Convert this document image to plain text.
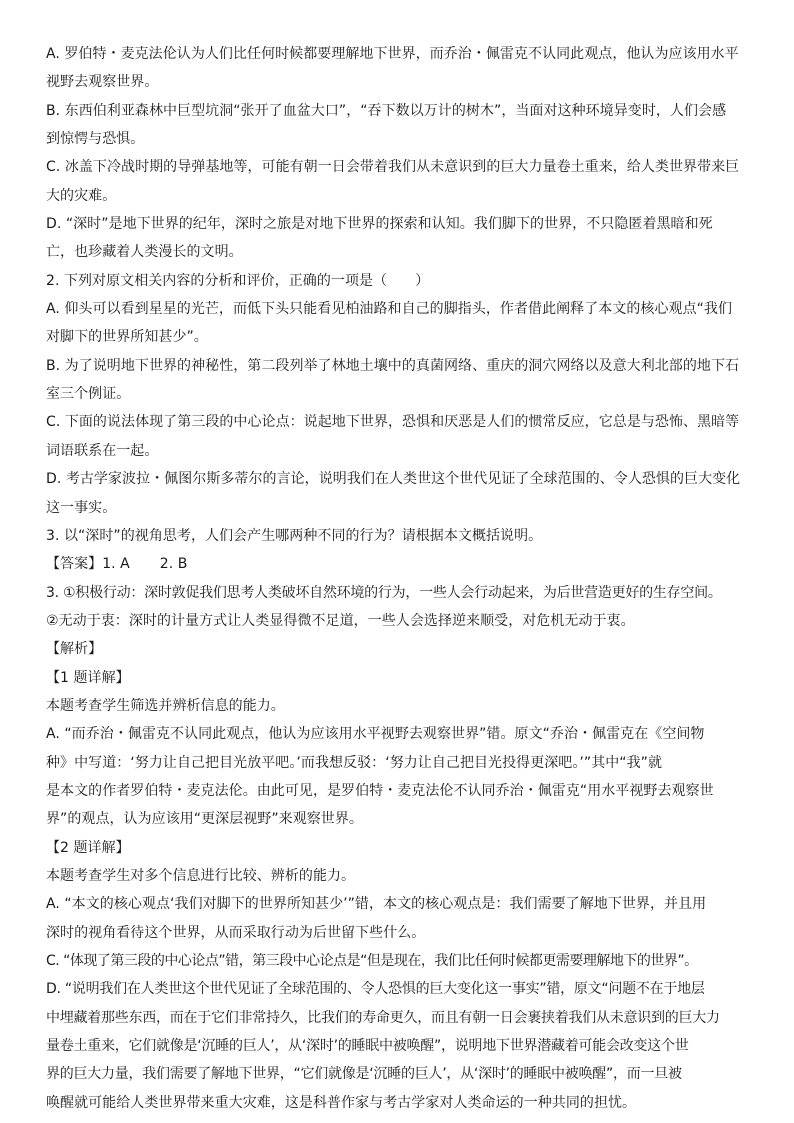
A. 罗伯特・麦克法伦认为人们比任何时候都要理解地下世界，而乔治・佩雷克不认同此观点，他认为应该用水平
视野去观察世界。
B. 东西伯利亚森林中巨型坑洞“张开了血盆大口”，“吞下数以万计的树木”，当面对这种环境异变时，人们会感
到惊愕与恐惧。
C. 冰盖下冷战时期的导弹基地等，可能有朝一日会带着我们从未意识到的巨大力量卷土重来，给人类世界带来巨
大的灾难。
D. “深时”是地下世界的纪年，深时之旅是对地下世界的探索和认知。我们脚下的世界，不只隐匿着黑暗和死
亡，也珍藏着人类漫长的文明。
2. 下列对原文相关内容的分析和评价，正确的一项是（　　）
A. 仰头可以看到星星的光芒，而低下头只能看见柏油路和自己的脚指头，作者借此阐释了本文的核心观点“我们
对脚下的世界所知甚少”。
B. 为了说明地下世界的神秘性，第二段列举了林地土壤中的真菌网络、重庆的洞穴网络以及意大利北部的地下石
室三个例证。
C. 下面的说法体现了第三段的中心论点：说起地下世界，恐惧和厌恶是人们的惯常反应，它总是与恐怖、黑暗等
词语联系在一起。
D. 考古学家波拉・佩图尔斯多蒂尔的言论，说明我们在人类世这个世代见证了全球范围的、令人恐惧的巨大变化
这一事实。
3. 以“深时”的视角思考，人们会产生哪两种不同的行为？请根据本文概括说明。
【答案】1. A 2. B
3. ①积极行动：深时敦促我们思考人类破坏自然环境的行为，一些人会行动起来，为后世营造更好的生存空间。
②无动于衷：深时的计量方式让人类显得微不足道，一些人会选择逆来顺受，对危机无动于衷。
【解析】
【1 题详解】
本题考查学生筛选并辨析信息的能力。
A. “而乔治・佩雷克不认同此观点，他认为应该用水平视野去观察世界”错。原文“乔治・佩雷克在《空间物
种》中写道：‘努力让自己把目光放平吧。’而我想反驳：‘努力让自己把目光投得更深吧。’”其中“我”就
是本文的作者罗伯特・麦克法伦。由此可见，是罗伯特・麦克法伦不认同乔治・佩雷克“用水平视野去观察世
界”的观点，认为应该用“更深层视野”来观察世界。
【2 题详解】
本题考查学生对多个信息进行比较、辨析的能力。
A. “本文的核心观点‘我们对脚下的世界所知甚少’”错，本文的核心观点是：我们需要了解地下世界，并且用
深时的视角看待这个世界，从而采取行动为后世留下些什么。
C. “体现了第三段的中心论点”错，第三段中心论点是“但是现在，我们比任何时候都更需要理解地下的世界”。
D. “说明我们在人类世这个世代见证了全球范围的、令人恐惧的巨大变化这一事实”错，原文“问题不在于地层
中埋藏着那些东西，而在于它们非常持久，比我们的寿命更久，而且有朝一日会裹挟着我们从未意识到的巨大力
量卷土重来，它们就像是‘沉睡的巨人’，从‘深时’的睡眠中被唤醒”，说明地下世界潜藏着可能会改变这个世
界的巨大力量，我们需要了解地下世界，“它们就像是‘沉睡的巨人’，从‘深时’的睡眠中被唤醒”，而一旦被
唤醒就可能给人类世界带来重大灾难，这是科普作家与考古学家对人类命运的一种共同的担忧。
